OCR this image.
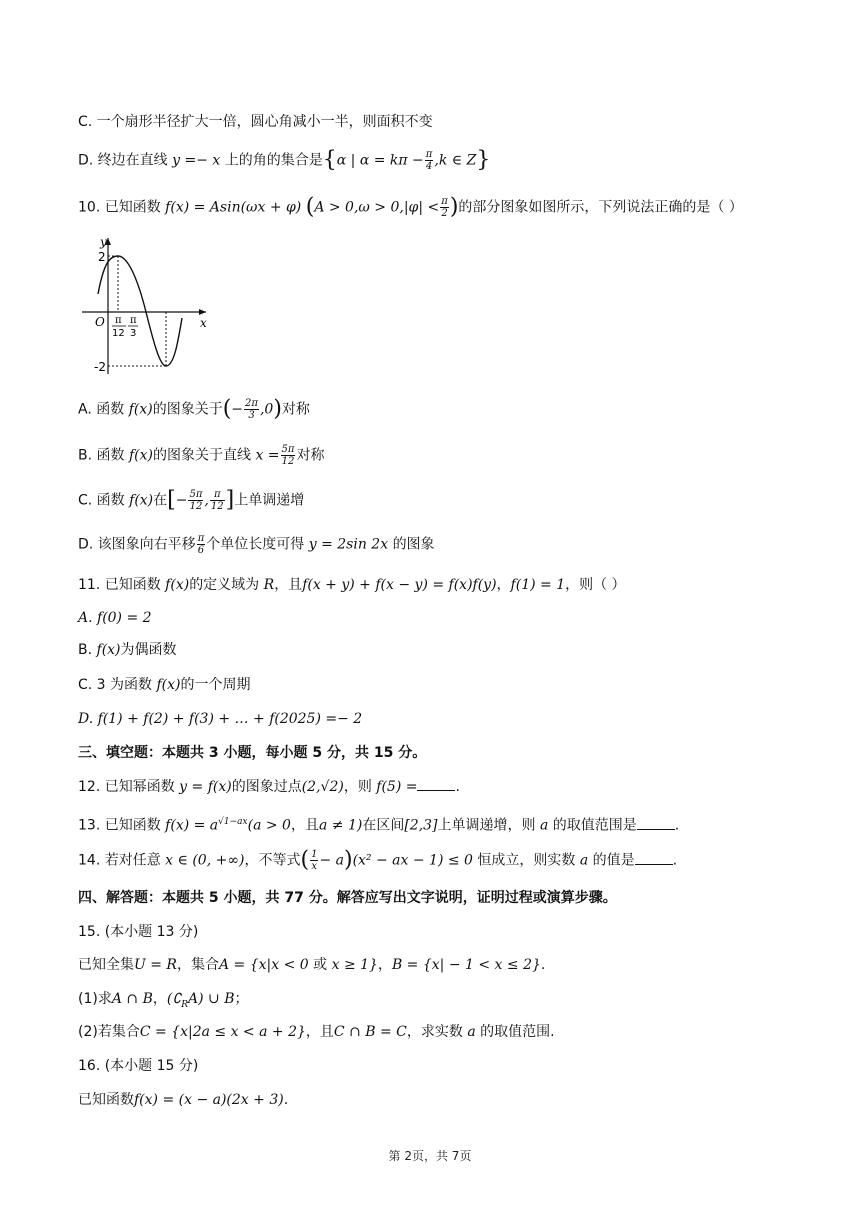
C. 一个扇形半径扩大一倍，圆心角减小一半，则面积不变
D. 终边在直线 y =− x 上的角的集合是{α | $\alpha = k\pi - \frac{\pi}{4} ,k$ ∈ Z}
10. 已知函数 f(x) = Asin(ωx + φ) ($A > 0,\omega > 0,|\varphi| < \frac{\pi}{2}$ )的部分图象如图所示，下列说法正确的是（ ）
y
x
O
2
-2
π
12
π
3
A. 函数 f(x)的图象关于(− $\frac{2\pi}{3} ,0$)对称
B. 函数 f(x)的图象关于直线 $x = \frac{5\pi}{12}$ 对称
C. 函数 f(x)在[− $\frac{5\pi}{12}$ , $\frac{\pi}{12}$ ]上单调递增
D. 该图象向右平移 $\frac{\pi}{6}$ 个单位长度可得 y = 2sin 2x 的图象
11. 已知函数 f(x)的定义域为 R，且f(x + y) + f(x − y) = f(x)f(y)，f(1) = 1，则（ ）
A. f(0) = 2
B. f(x)为偶函数
C. 3 为函数 f(x)的一个周期
D. f(1) + f(2) + f(3) + … + f(2025) =− 2
三、填空题：本题共 3 小题，每小题 5 分，共 15 分。
12. 已知幂函数 y = f(x)的图象过点(2,√2)，则 f(5) =	.
13. 已知函数 $f(x) = a^{√1-ax}(a > 0$，且a ≠ 1)在区间[2,3]上单调递增，则 a 的取值范围是	.
14. 若对任意 x ∈ (0, +∞)，不等式( $\frac{1}{x} - a)(x^2$ − ax − 1) ≤ 0 恒成立，则实数 a 的值是	.
四、解答题：本题共 5 小题，共 77 分。解答应写出文字说明，证明过程或演算步骤。
15. (本小题 13 分)
已知全集U = R，集合A = {x|x < 0 或 x ≥ 1}，B = {x| − 1 < x ≤ 2}.
(1)求A ∩ B，$(∁_RA)$ ∪ B；
(2)若集合C = {x|2a ≤ x < a + 2}，且C ∩ B = C，求实数 a 的取值范围.
16. (本小题 15 分)
已知函数f(x) = (x − a)(2x + 3).
第 2页，共 7页
